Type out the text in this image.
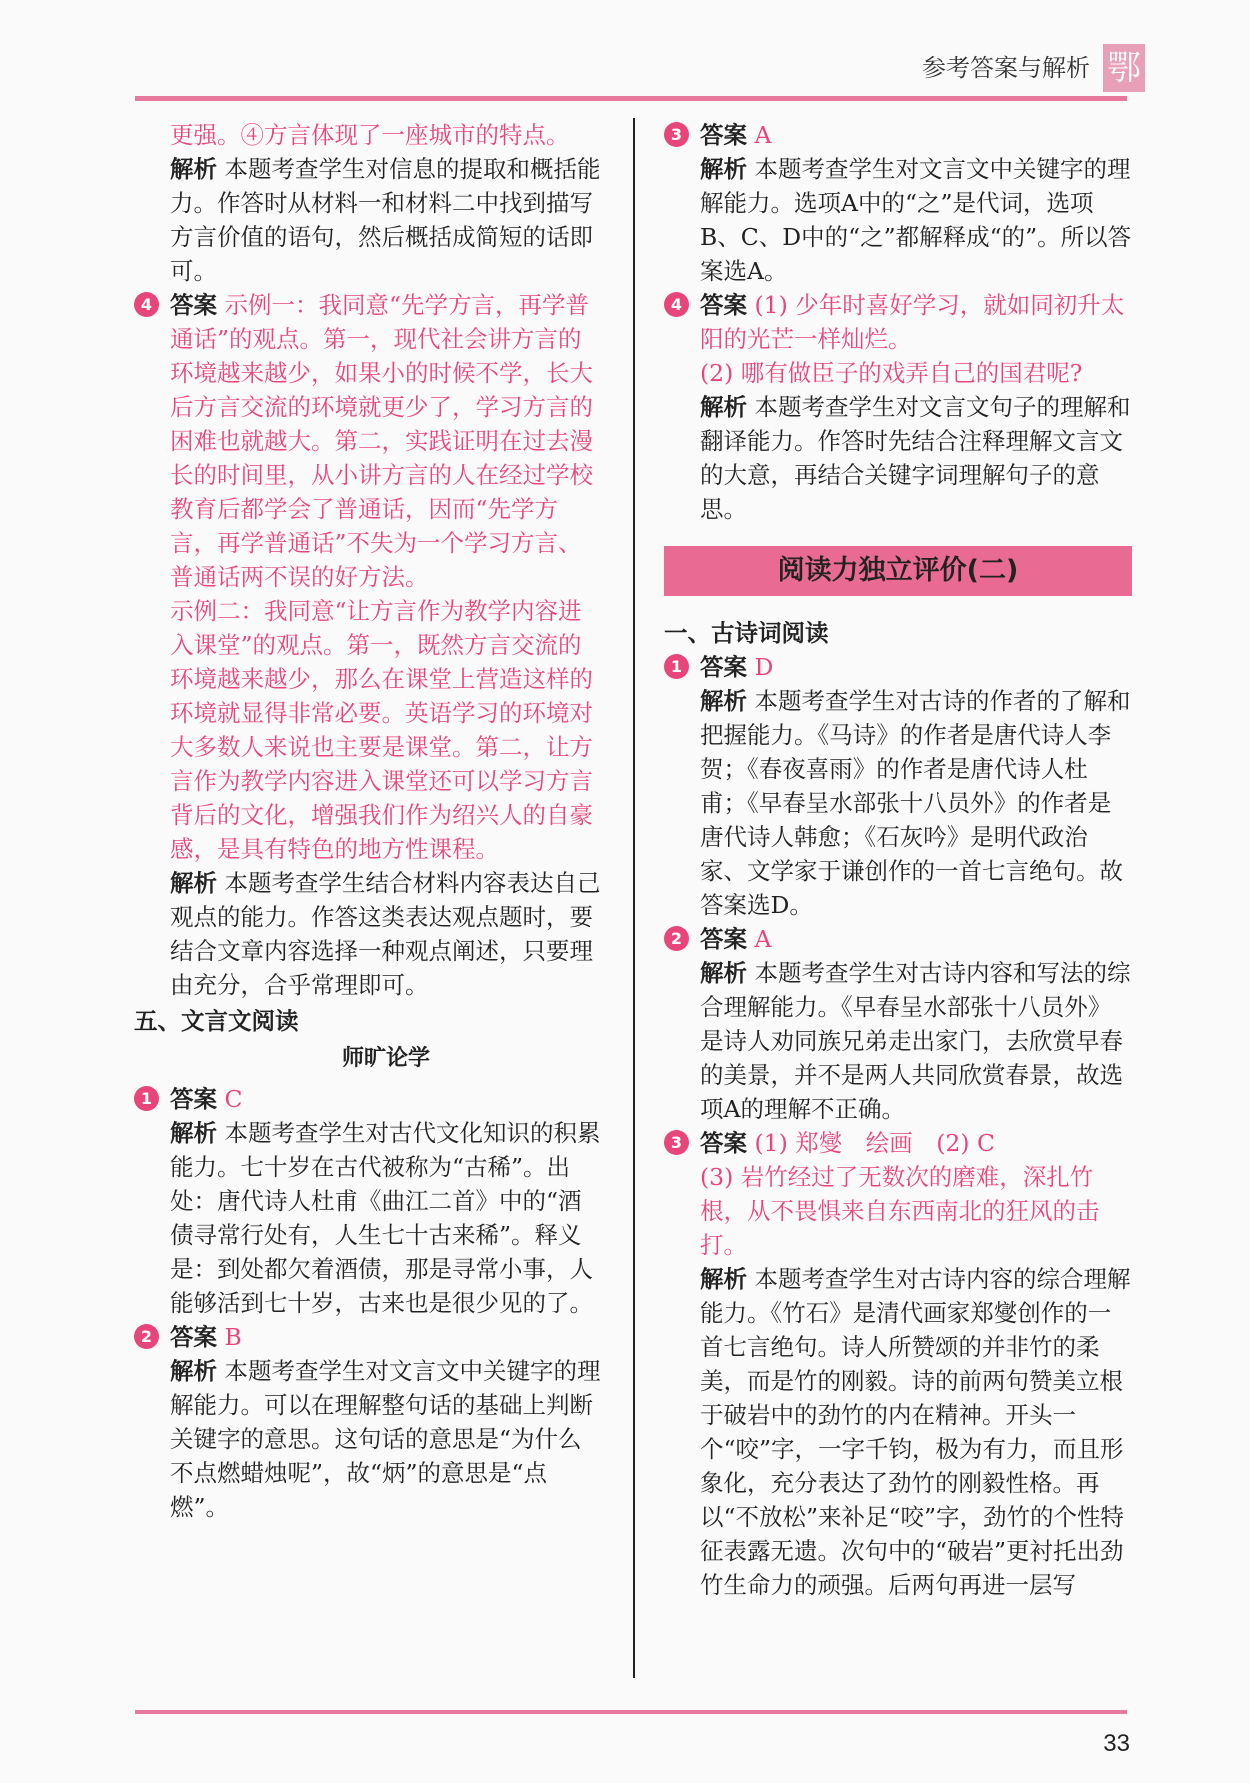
参考答案与解析 鄂

更强。④方言体现了一座城市的特点。

解析 本题考查学生对信息的提取和概括能力。作答时从材料一和材料二中找到描写方言价值的语句，然后概括成简短的话即可。

4 答案 示例一：我同意“先学方言，再学普通话”的观点。第一，现代社会讲方言的环境越来越少，如果小的时候不学，长大后方言交流的环境就更少了，学习方言的困难也就越大。第二，实践证明在过去漫长的时间里，从小讲方言的人在经过学校教育后都学会了普通话，因而“先学方言，再学普通话”不失为一个学习方言、普通话两不误的好方法。

示例二：我同意“让方言作为教学内容进入课堂”的观点。第一，既然方言交流的环境越来越少，那么在课堂上营造这样的环境就显得非常必要。英语学习的环境对大多数人来说也主要是课堂。第二，让方言作为教学内容进入课堂还可以学习方言背后的文化，增强我们作为绍兴人的自豪感，是具有特色的地方性课程。

解析 本题考查学生结合材料内容表达自己观点的能力。作答这类表达观点题时，要结合文章内容选择一种观点阐述，只要理由充分，合乎常理即可。

五、文言文阅读

师旷论学

1 答案 C

解析 本题考查学生对古代文化知识的积累能力。七十岁在古代被称为“古稀”。出处：唐代诗人杜甫《曲江二首》中的“酒债寻常行处有，人生七十古来稀”。释义是：到处都欠着酒债，那是寻常小事，人能够活到七十岁，古来也是很少见的了。

2 答案 B

解析 本题考查学生对文言文中关键字的理解能力。可以在理解整句话的基础上判断关键字的意思。这句话的意思是“为什么不点燃蜡烛呢”，故“炳”的意思是“点燃”。

3 答案 A

解析 本题考查学生对文言文中关键字的理解能力。选项A中的“之”是代词，选项B、C、D中的“之”都解释成“的”。所以答案选A。

4 答案 (1) 少年时喜好学习，就如同初升太阳的光芒一样灿烂。

(2) 哪有做臣子的戏弄自己的国君呢?

解析 本题考查学生对文言文句子的理解和翻译能力。作答时先结合注释理解文言文的大意，再结合关键字词理解句子的意思。

阅读力独立评价(二)

一、古诗词阅读

1 答案 D

解析 本题考查学生对古诗的作者的了解和把握能力。《马诗》的作者是唐代诗人李贺；《春夜喜雨》的作者是唐代诗人杜甫；《早春呈水部张十八员外》的作者是唐代诗人韩愈；《石灰吟》是明代政治家、文学家于谦创作的一首七言绝句。故答案选D。

2 答案 A

解析 本题考查学生对古诗内容和写法的综合理解能力。《早春呈水部张十八员外》是诗人劝同族兄弟走出家门，去欣赏早春的美景，并不是两人共同欣赏春景，故选项A的理解不正确。

3 答案 (1) 郑燮　绘画　(2) C

(3) 岩竹经过了无数次的磨难，深扎竹根，从不畏惧来自东西南北的狂风的击打。

解析 本题考查学生对古诗内容的综合理解能力。《竹石》是清代画家郑燮创作的一首七言绝句。诗人所赞颂的并非竹的柔美，而是竹的刚毅。诗的前两句赞美立根于破岩中的劲竹的内在精神。开头一个“咬”字，一字千钧，极为有力，而且形象化，充分表达了劲竹的刚毅性格。再以“不放松”来补足“咬”字，劲竹的个性特征表露无遗。次句中的“破岩”更衬托出劲竹生命力的顽强。后两句再进一层写

33
